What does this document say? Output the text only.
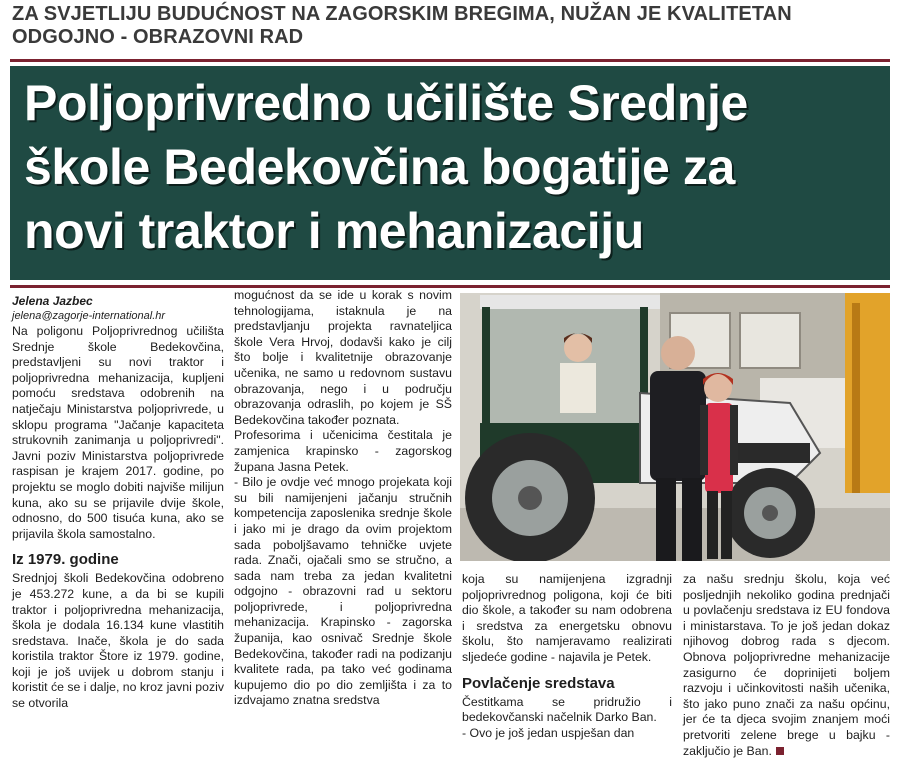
ZA SVJETLIJU BUDUĆNOST NA ZAGORSKIM BREGIMA, NUŽAN JE KVALITETAN
ODGOJNO - OBRAZOVNI RAD
Poljoprivredno učilište Srednje
škole Bedekovčina bogatije za
novi traktor i mehanizaciju

Jelena Jazbec

jelena@zagorje-international.hr

Na poligonu Poljoprivrednog učilišta Srednje škole Bedekovčina, predstavljeni su novi traktor i poljoprivredna mehanizacija, kupljeni pomoću sredstava odobrenih na natječaju Ministarstva poljoprivrede, u sklopu programa "Jačanje kapaciteta strukovnih zanimanja u poljoprivredi". Javni poziv Ministarstva poljoprivrede raspisan je krajem 2017. godine, po projektu se moglo dobiti najviše milijun kuna, ako su se prijavile dvije škole, odnosno, do 500 tisuća kuna, ako se prijavila škola samostalno.

Iz 1979. godine

Srednjoj školi Bedekovčina odobreno je 453.272 kune, a da bi se kupili traktor i poljoprivredna mehanizacija, škola je dodala 16.134 kune vlastitih sredstava. Inače, škola je do sada koristila traktor Štore iz 1979. godine, koji je još uvijek u dobrom stanju i koristit će se i dalje, no kroz javni poziv se otvorila

mogućnost da se ide u korak s novim tehnologijama, istaknula je na predstavljanju projekta ravnateljica škole Vera Hrvoj, dodavši kako je cilj što bolje i kvalitetnije obrazovanje učenika, ne samo u redovnom sustavu obrazovanja, nego i u području obrazovanja odraslih, po kojem je SŠ Bedekovčina također poznata.

Profesorima i učenicima čestitala je zamjenica krapinsko - zagorskog župana Jasna Petek.

- Bilo je ovdje već mnogo projekata koji su bili namijenjeni jačanju stručnih kompetencija zaposlenika srednje škole i jako mi je drago da ovim projektom sada poboljšavamo tehničke uvjete rada. Znači, ojačali smo se stručno, a sada nam treba za jedan kvalitetni odgojno - obrazovni rad u sektoru poljoprivrede, i poljoprivredna mehanizacija. Krapinsko - zagorska županija, kao osnivač Srednje škole Bedekovčina, također radi na podizanju kvalitete rada, pa tako već godinama kupujemo dio po dio zemljišta i za to izdvajamo znatna sredstva

koja su namijenjena izgradnji poljoprivrednog poligona, koji će biti dio škole, a također su nam odobrena i sredstva za energetsku obnovu školu, što namjeravamo realizirati sljedeće godine - najavila je Petek.

Povlačenje sredstava

Čestitkama se pridružio i bedekovčanski načelnik Darko Ban.

- Ovo je još jedan uspješan dan

za našu srednju školu, koja već posljednjih nekoliko godina prednjači u povlačenju sredstava iz EU fondova i ministarstava. To je još jedan dokaz njihovog dobrog rada s djecom. Obnova poljoprivredne mehanizacije zasigurno će doprinijeti boljem razvoju i učinkovitosti naših učenika, što jako puno znači za našu općinu, jer će ta djeca svojim znanjem moći pretvoriti zelene brege u bajku - zaključio je Ban.
